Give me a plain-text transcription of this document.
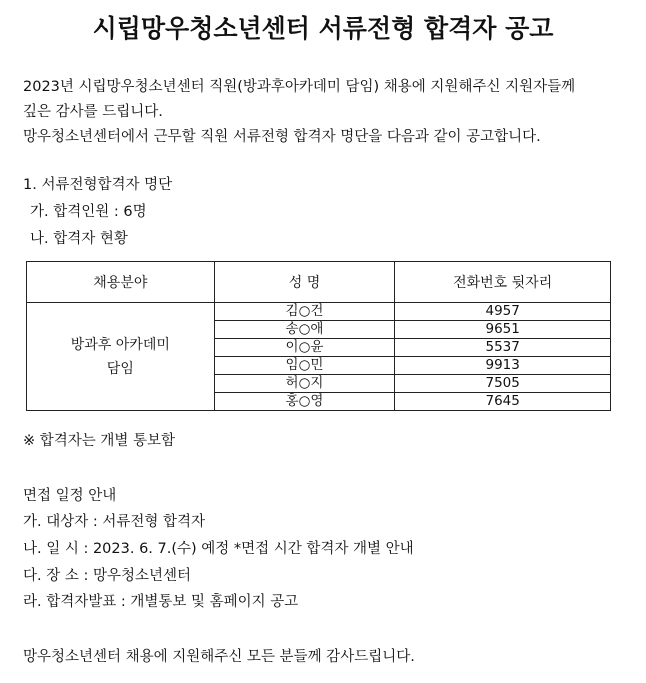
시립망우청소년센터 서류전형 합격자 공고
2023년 시립망우청소년센터 직원(방과후아카데미 담임) 채용에 지원해주신 지원자들께
깊은 감사를 드립니다.
망우청소년센터에서 근무할 직원 서류전형 합격자 명단을 다음과 같이 공고합니다.
1. 서류전형합격자 명단
가. 합격인원 : 6명
나. 합격자 현황
채용분야	성 명	전화번호 뒷자리

방과후 아카데미
담임	김○건	4957
	송○애	9651
	이○윤	5537
	임○민	9913
	허○지	7505
	홍○영	7645
※ 합격자는 개별 통보함
면접 일정 안내
가. 대상자 : 서류전형 합격자
나. 일 시 : 2023. 6. 7.(수) 예정 *면접 시간 합격자 개별 안내
다. 장 소 : 망우청소년센터
라. 합격자발표 : 개별통보 및 홈페이지 공고
망우청소년센터 채용에 지원해주신 모든 분들께 감사드립니다.
